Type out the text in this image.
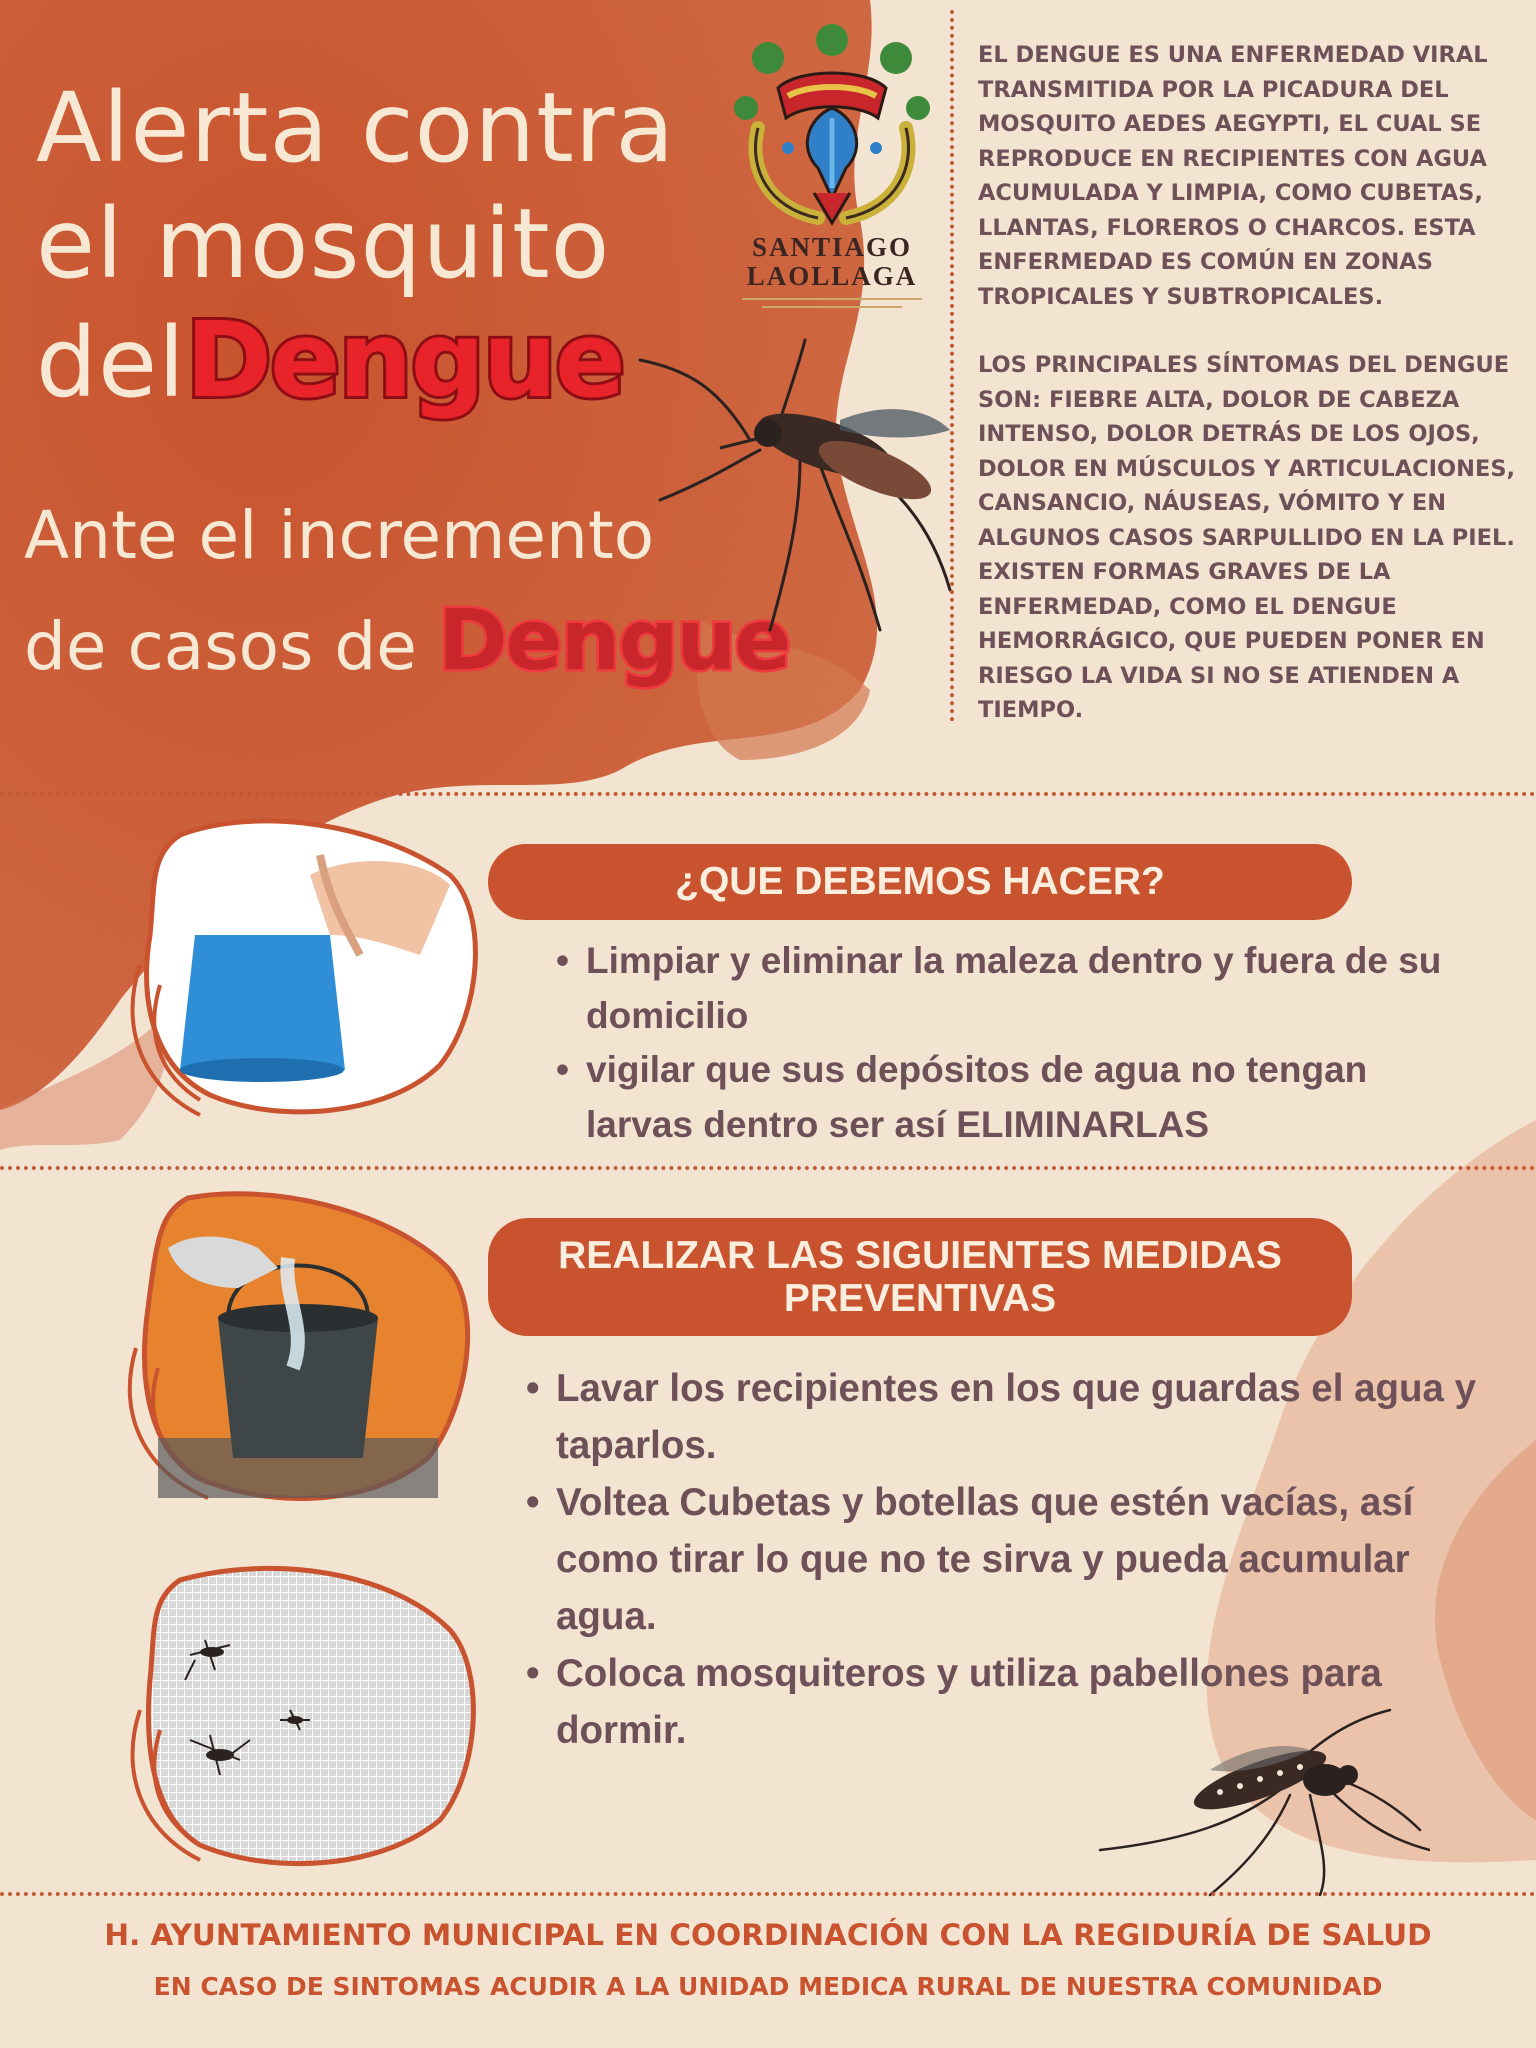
Alerta contra
el mosquito
delDengue
Ante el incremento
de casos de Dengue
SANTIAGO
LAOLLAGA

EL DENGUE ES UNA ENFERMEDAD VIRAL TRANSMITIDA POR LA PICADURA DEL MOSQUITO AEDES AEGYPTI, EL CUAL SE REPRODUCE EN RECIPIENTES CON AGUA ACUMULADA Y LIMPIA, COMO CUBETAS, LLANTAS, FLOREROS O CHARCOS. ESTA ENFERMEDAD ES COMÚN EN ZONAS TROPICALES Y SUBTROPICALES.

LOS PRINCIPALES SÍNTOMAS DEL DENGUE SON: FIEBRE ALTA, DOLOR DE CABEZA INTENSO, DOLOR DETRÁS DE LOS OJOS, DOLOR EN MÚSCULOS Y ARTICULACIONES, CANSANCIO, NÁUSEAS, VÓMITO Y EN ALGUNOS CASOS SARPULLIDO EN LA PIEL. EXISTEN FORMAS GRAVES DE LA ENFERMEDAD, COMO EL DENGUE HEMORRÁGICO, QUE PUEDEN PONER EN RIESGO LA VIDA SI NO SE ATIENDEN A TIEMPO.

¿QUE DEBEMOS HACER?
• Limpiar y eliminar la maleza dentro y fuera de su domicilio
• vigilar que sus depósitos de agua no tengan larvas dentro ser así ELIMINARLAS
REALIZAR LAS SIGUIENTES MEDIDAS PREVENTIVAS
• Lavar los recipientes en los que guardas el agua y taparlos.
• Voltea Cubetas y botellas que estén vacías, así como tirar lo que no te sirva y pueda acumular agua.
• Coloca mosquiteros y utiliza pabellones para dormir.
H. AYUNTAMIENTO MUNICIPAL EN COORDINACIÓN CON LA REGIDURÍA DE SALUD
EN CASO DE SINTOMAS ACUDIR A LA UNIDAD MEDICA RURAL DE NUESTRA COMUNIDAD
